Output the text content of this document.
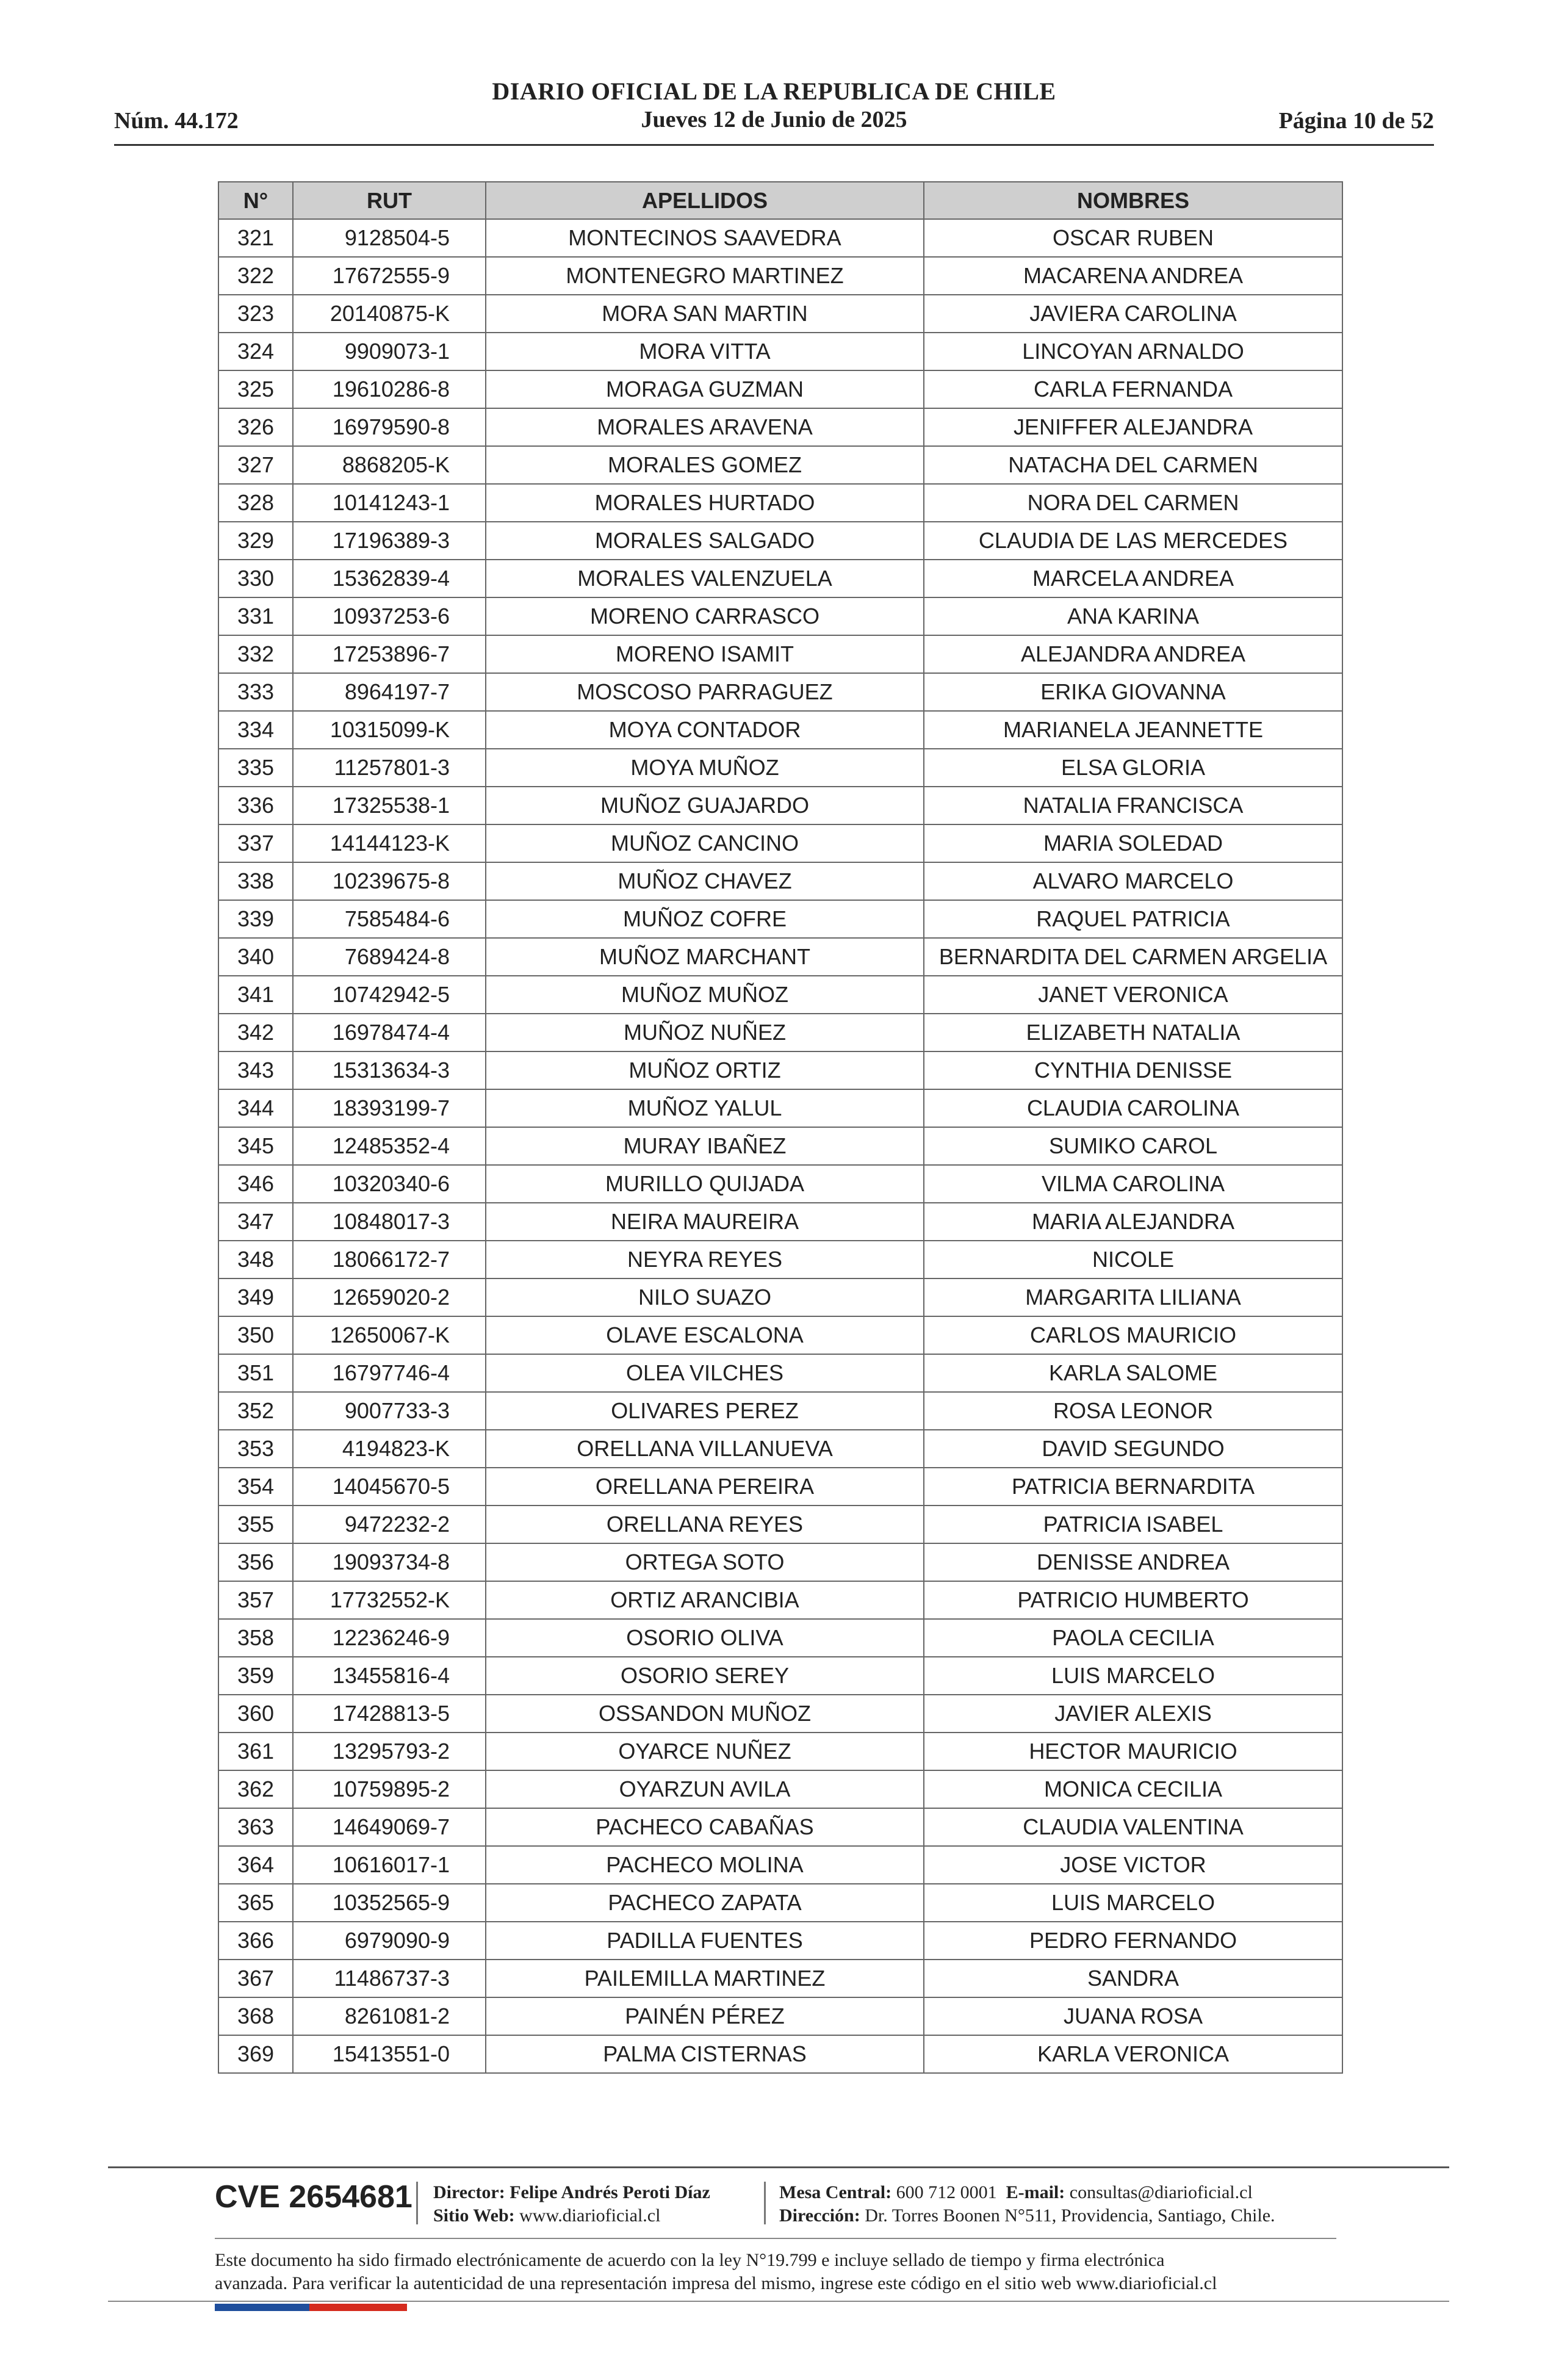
DIARIO OFICIAL DE LA REPUBLICA DE CHILE
Jueves 12 de Junio de 2025
Núm. 44.172	Página 10 de 52
N°	RUT	APELLIDOS	NOMBRES
321	9128504-5	MONTECINOS SAAVEDRA	OSCAR RUBEN
322	17672555-9	MONTENEGRO MARTINEZ	MACARENA ANDREA
323	20140875-K	MORA SAN MARTIN	JAVIERA CAROLINA
324	9909073-1	MORA VITTA	LINCOYAN ARNALDO
325	19610286-8	MORAGA GUZMAN	CARLA FERNANDA
326	16979590-8	MORALES ARAVENA	JENIFFER ALEJANDRA
327	8868205-K	MORALES GOMEZ	NATACHA DEL CARMEN
328	10141243-1	MORALES HURTADO	NORA DEL CARMEN
329	17196389-3	MORALES SALGADO	CLAUDIA DE LAS MERCEDES
330	15362839-4	MORALES VALENZUELA	MARCELA ANDREA
331	10937253-6	MORENO CARRASCO	ANA KARINA
332	17253896-7	MORENO ISAMIT	ALEJANDRA ANDREA
333	8964197-7	MOSCOSO PARRAGUEZ	ERIKA GIOVANNA
334	10315099-K	MOYA CONTADOR	MARIANELA JEANNETTE
335	11257801-3	MOYA MUÑOZ	ELSA GLORIA
336	17325538-1	MUÑOZ GUAJARDO	NATALIA FRANCISCA
337	14144123-K	MUÑOZ CANCINO	MARIA SOLEDAD
338	10239675-8	MUÑOZ CHAVEZ	ALVARO MARCELO
339	7585484-6	MUÑOZ COFRE	RAQUEL PATRICIA
340	7689424-8	MUÑOZ MARCHANT	BERNARDITA DEL CARMEN ARGELIA
341	10742942-5	MUÑOZ MUÑOZ	JANET VERONICA
342	16978474-4	MUÑOZ NUÑEZ	ELIZABETH NATALIA
343	15313634-3	MUÑOZ ORTIZ	CYNTHIA DENISSE
344	18393199-7	MUÑOZ YALUL	CLAUDIA CAROLINA
345	12485352-4	MURAY IBAÑEZ	SUMIKO CAROL
346	10320340-6	MURILLO QUIJADA	VILMA CAROLINA
347	10848017-3	NEIRA MAUREIRA	MARIA ALEJANDRA
348	18066172-7	NEYRA REYES	NICOLE
349	12659020-2	NILO SUAZO	MARGARITA LILIANA
350	12650067-K	OLAVE ESCALONA	CARLOS MAURICIO
351	16797746-4	OLEA VILCHES	KARLA SALOME
352	9007733-3	OLIVARES PEREZ	ROSA LEONOR
353	4194823-K	ORELLANA VILLANUEVA	DAVID SEGUNDO
354	14045670-5	ORELLANA PEREIRA	PATRICIA BERNARDITA
355	9472232-2	ORELLANA REYES	PATRICIA ISABEL
356	19093734-8	ORTEGA SOTO	DENISSE ANDREA
357	17732552-K	ORTIZ ARANCIBIA	PATRICIO HUMBERTO
358	12236246-9	OSORIO OLIVA	PAOLA CECILIA
359	13455816-4	OSORIO SEREY	LUIS MARCELO
360	17428813-5	OSSANDON MUÑOZ	JAVIER ALEXIS
361	13295793-2	OYARCE NUÑEZ	HECTOR MAURICIO
362	10759895-2	OYARZUN AVILA	MONICA CECILIA
363	14649069-7	PACHECO CABAÑAS	CLAUDIA VALENTINA
364	10616017-1	PACHECO MOLINA	JOSE VICTOR
365	10352565-9	PACHECO ZAPATA	LUIS MARCELO
366	6979090-9	PADILLA FUENTES	PEDRO FERNANDO
367	11486737-3	PAILEMILLA MARTINEZ	SANDRA
368	8261081-2	PAINÉN PÉREZ	JUANA ROSA
369	15413551-0	PALMA CISTERNAS	KARLA VERONICA
CVE 2654681 Director: Felipe Andrés Peroti Díaz
Sitio Web: www.diarioficial.cl
Mesa Central: 600 712 0001 E-mail: consultas@diarioficial.cl
Dirección: Dr. Torres Boonen N°511, Providencia, Santiago, Chile.
Este documento ha sido firmado electrónicamente de acuerdo con la ley N°19.799 e incluye sellado de tiempo y firma electrónica
avanzada. Para verificar la autenticidad de una representación impresa del mismo, ingrese este código en el sitio web www.diarioficial.cl
